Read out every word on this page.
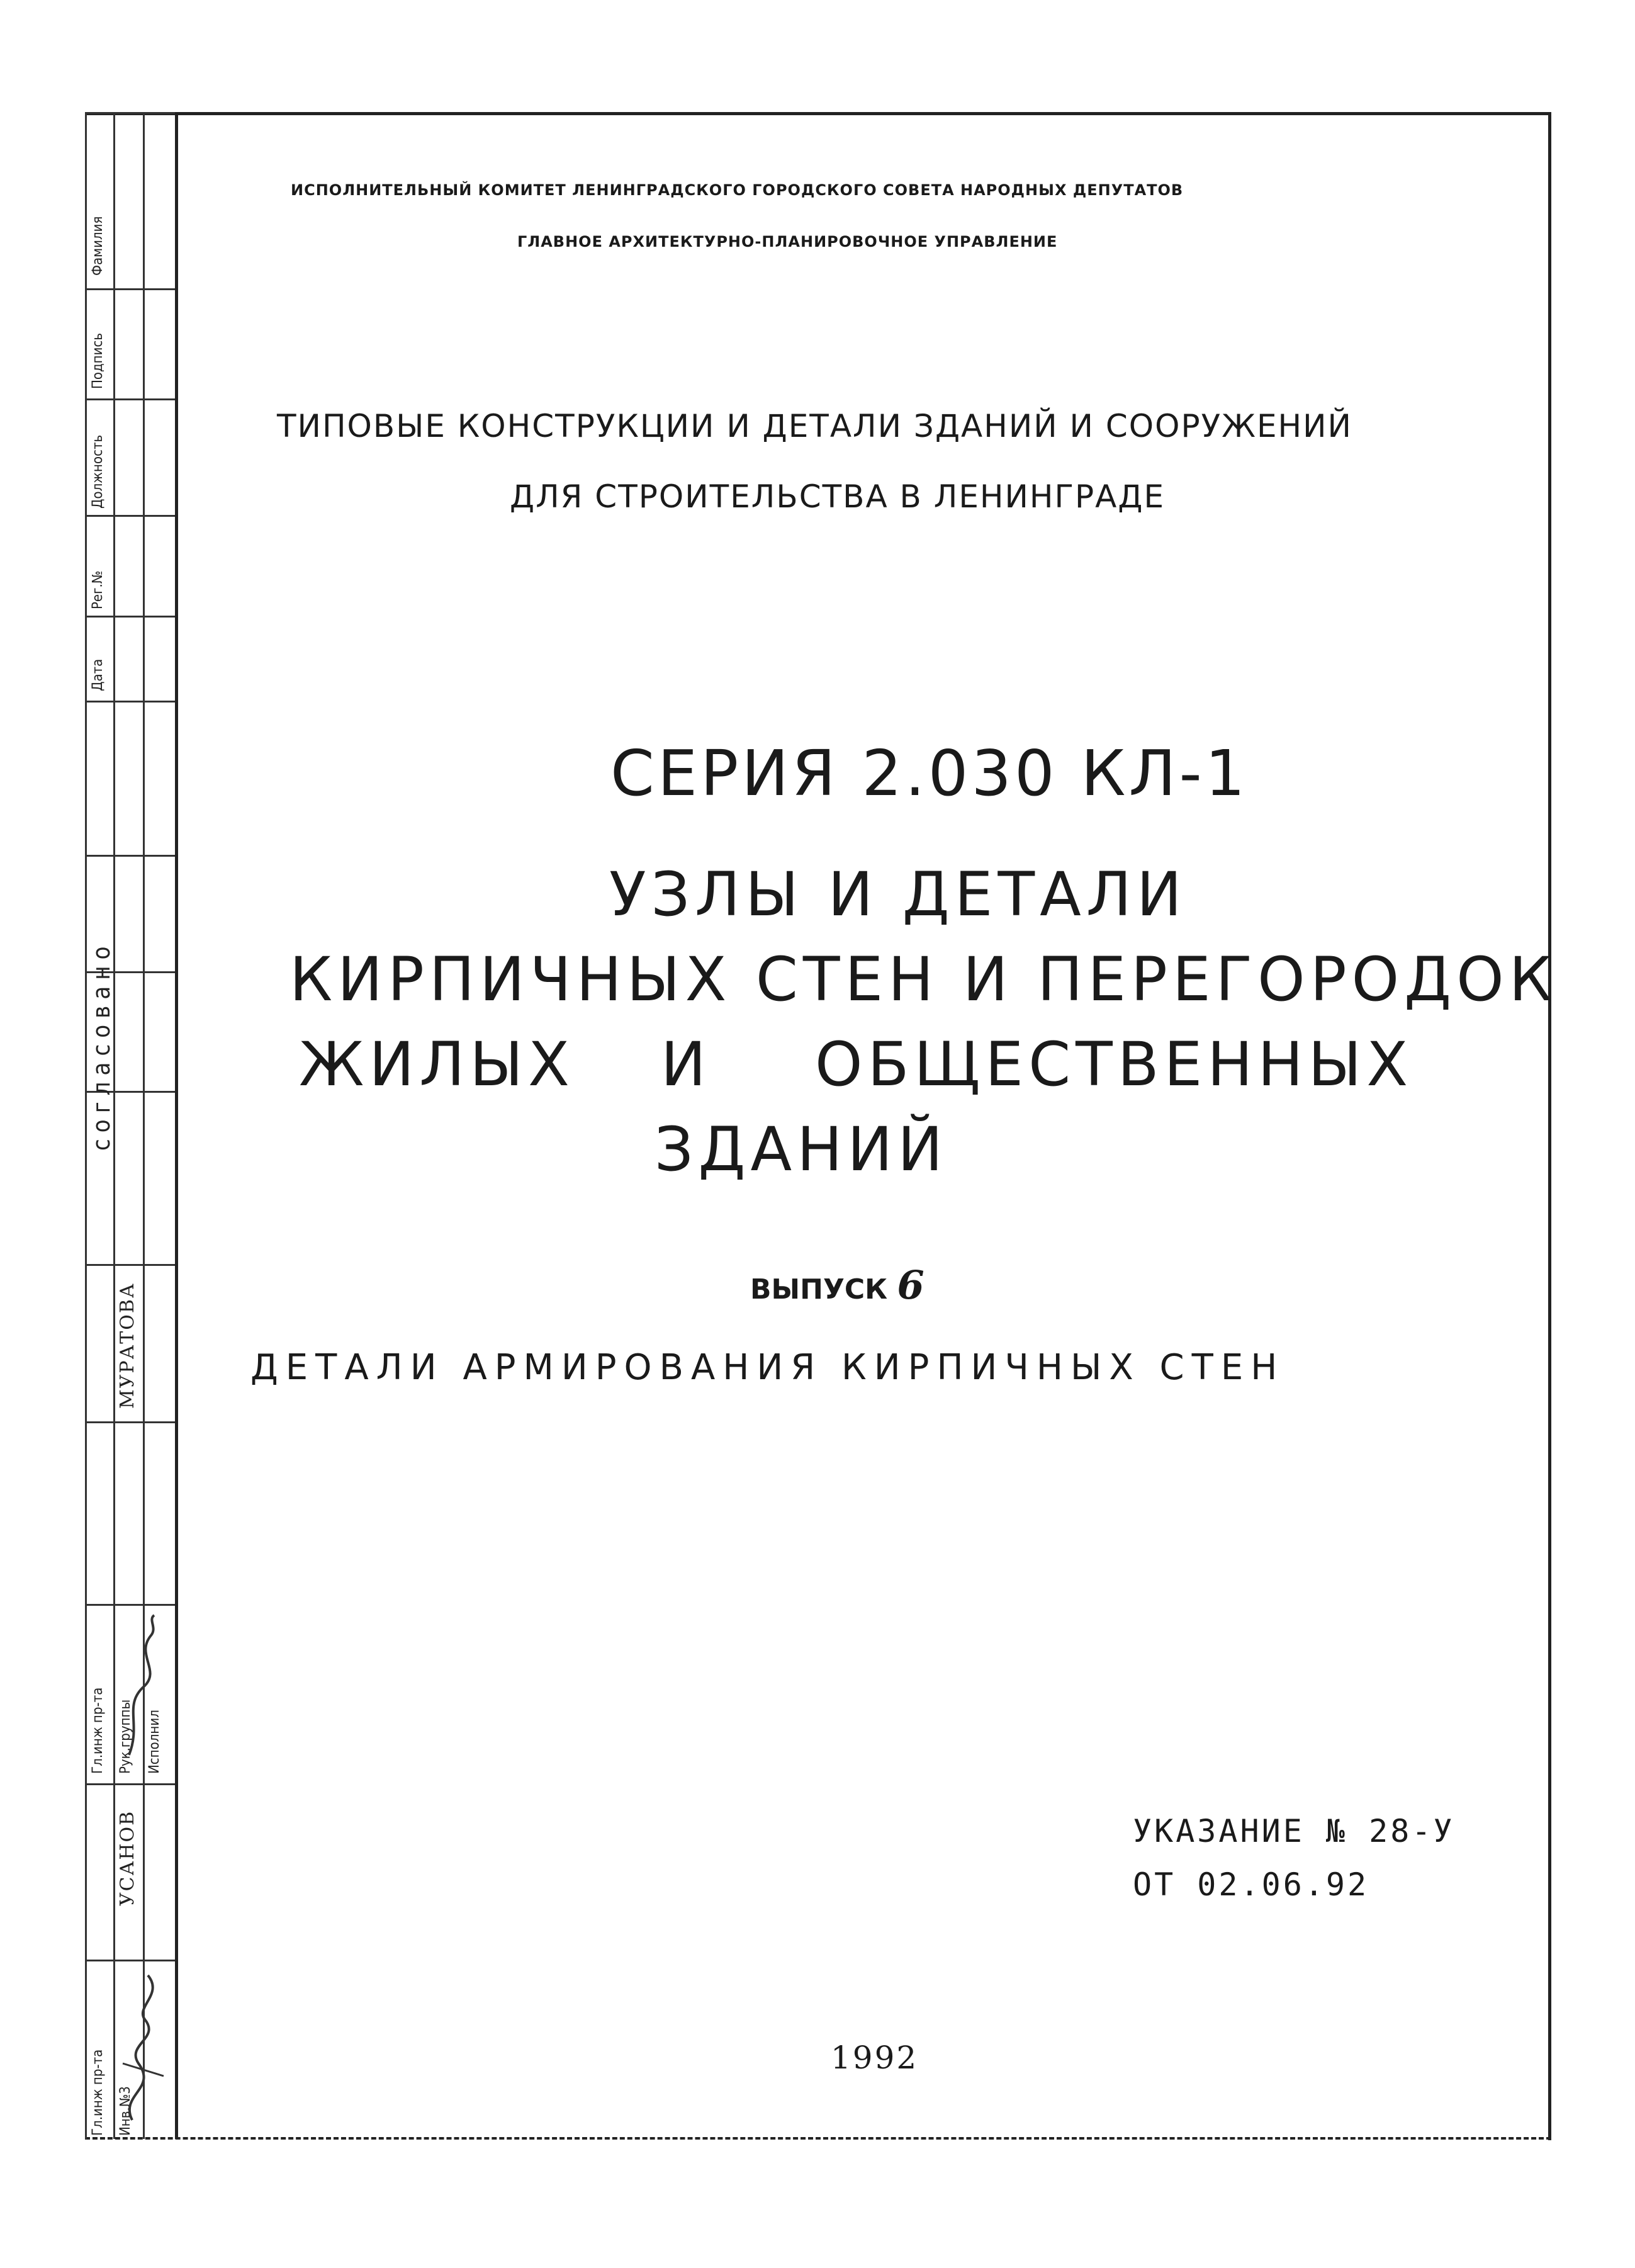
Фамилия
Подпись
Должность
Рег.№
Дата
согласовано
МУРАТОВА
УСАНОВ
Гл.инж пр-та Рук.группы Исполнил
Гл.инж пр-та Инв.№3
ИСПОЛНИТЕЛЬНЫЙ КОМИТЕТ ЛЕНИНГРАДСКОГО ГОРОДСКОГО СОВЕТА НАРОДНЫХ ДЕПУТАТОВ
ГЛАВНОЕ АРХИТЕКТУРНО-ПЛАНИРОВОЧНОЕ УПРАВЛЕНИЕ
ТИПОВЫЕ КОНСТРУКЦИИ И ДЕТАЛИ ЗДАНИЙ И СООРУЖЕНИЙ
ДЛЯ СТРОИТЕЛЬСТВА В ЛЕНИНГРАДЕ
СЕРИЯ 2.030 КЛ-1
УЗЛЫ И ДЕТАЛИ
КИРПИЧНЫХ СТЕН И ПЕРЕГОРОДОК
ЖИЛЫХ И ОБЩЕСТВЕННЫХ
ЗДАНИЙ
ВЫПУСК 6
ДЕТАЛИ АРМИРОВАНИЯ КИРПИЧНЫХ СТЕН
УКАЗАНИЕ № 28-У
ОТ 02.06.92
1992
